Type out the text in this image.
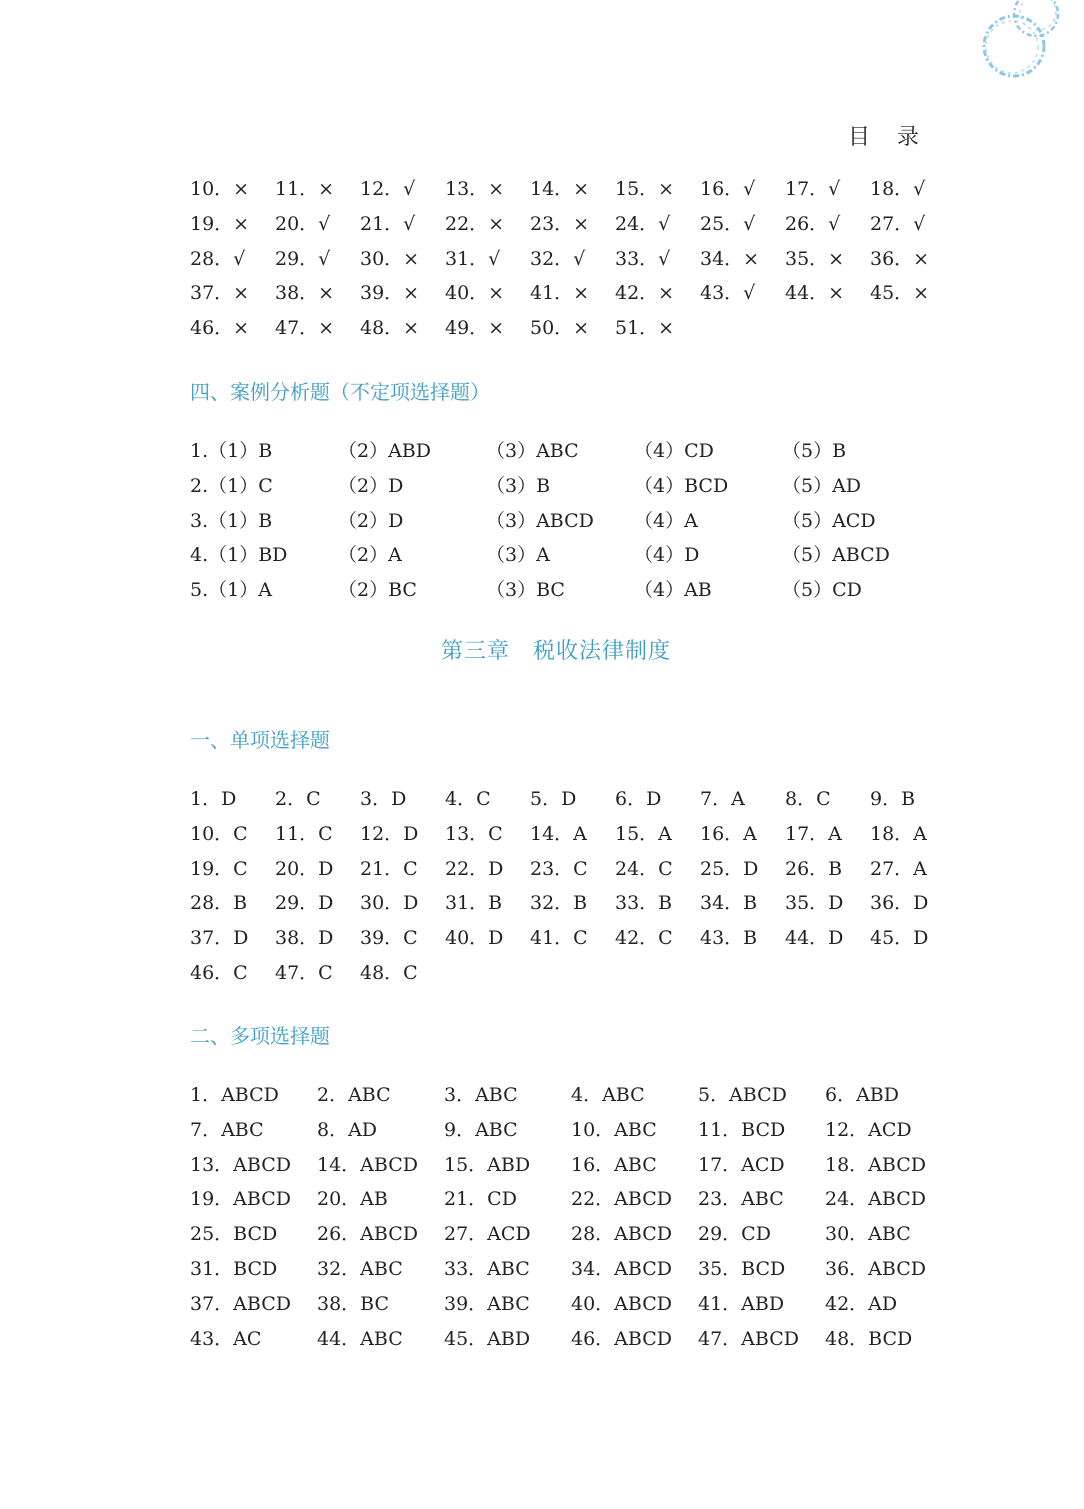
目 录
10．× 11．× 12．√ 13．× 14．× 15．× 16．√ 17．√ 18．√
19．× 20．√ 21．√ 22．× 23．× 24．√ 25．√ 26．√ 27．√
28．√ 29．√ 30．× 31．√ 32．√ 33．√ 34．× 35．× 36．×
37．× 38．× 39．× 40．× 41．× 42．× 43．√ 44．× 45．×
46．× 47．× 48．× 49．× 50．× 51．×
四、案例分析题（不定项选择题）
1.（1）B	（2）ABD	（3）ABC	（4）CD	（5）B
2.（1）C	（2）D	（3）B	（4）BCD	（5）AD
3.（1）B	（2）D	（3）ABCD （4）A	（5）ACD
4.（1）BD	（2）A	（3）A	（4）D	（5）ABCD
5.（1）A	（2）BC	（3）BC	（4）AB	（5）CD
第三章　税收法律制度
一、单项选择题
1．D 2．C 3．D 4．C 5．D 6．D 7．A 8．C 9．B
10．C 11．C 12．D 13．C 14．A 15．A 16．A 17．A 18．A
19．C 20．D 21．C 22．D 23．C 24．C 25．D 26．B 27．A
28．B 29．D 30．D 31．B 32．B 33．B 34．B 35．D 36．D
37．D 38．D 39．C 40．D 41．C 42．C 43．B 44．D 45．D
46．C 47．C 48．C
二、多项选择题
1．ABCD 2．ABC	3．ABC	4．ABC	5．ABCD 6．ABD
7．ABC	8．AD	9．ABC	10．ABC 11．BCD 12．ACD
13．ABCD 14．ABCD 15．ABD 16．ABC 17．ACD 18．ABCD
19．ABCD 20．AB	21．CD	22．ABCD 23．ABC 24．ABCD
25．BCD 26．ABCD 27．ACD 28．ABCD 29．CD	30．ABC
31．BCD 32．ABC 33．ABC 34．ABCD 35．BCD 36．ABCD
37．ABCD 38．BC	39．ABC 40．ABCD 41．ABD 42．AD
43．AC	44．ABC 45．ABD 46．ABCD 47．ABCD 48．BCD
